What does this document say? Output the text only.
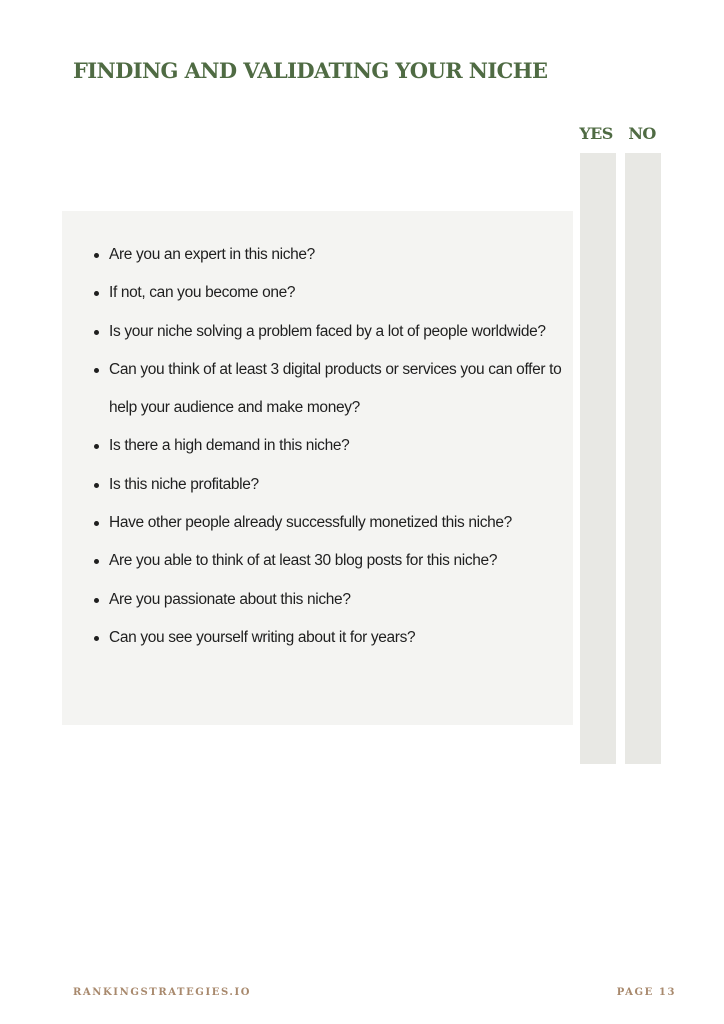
FINDING AND VALIDATING YOUR NICHE
YES NO
Are you an expert in this niche?
If not, can you become one?
Is your niche solving a problem faced by a lot of people worldwide?
Can you think of at least 3 digital products or services you can offer to help your audience and make money?
Is there a high demand in this niche?
Is this niche profitable?
Have other people already successfully monetized this niche?
Are you able to think of at least 30 blog posts for this niche?
Are you passionate about this niche?
Can you see yourself writing about it for years?
RANKINGSTRATEGIES.IO	PAGE 13
